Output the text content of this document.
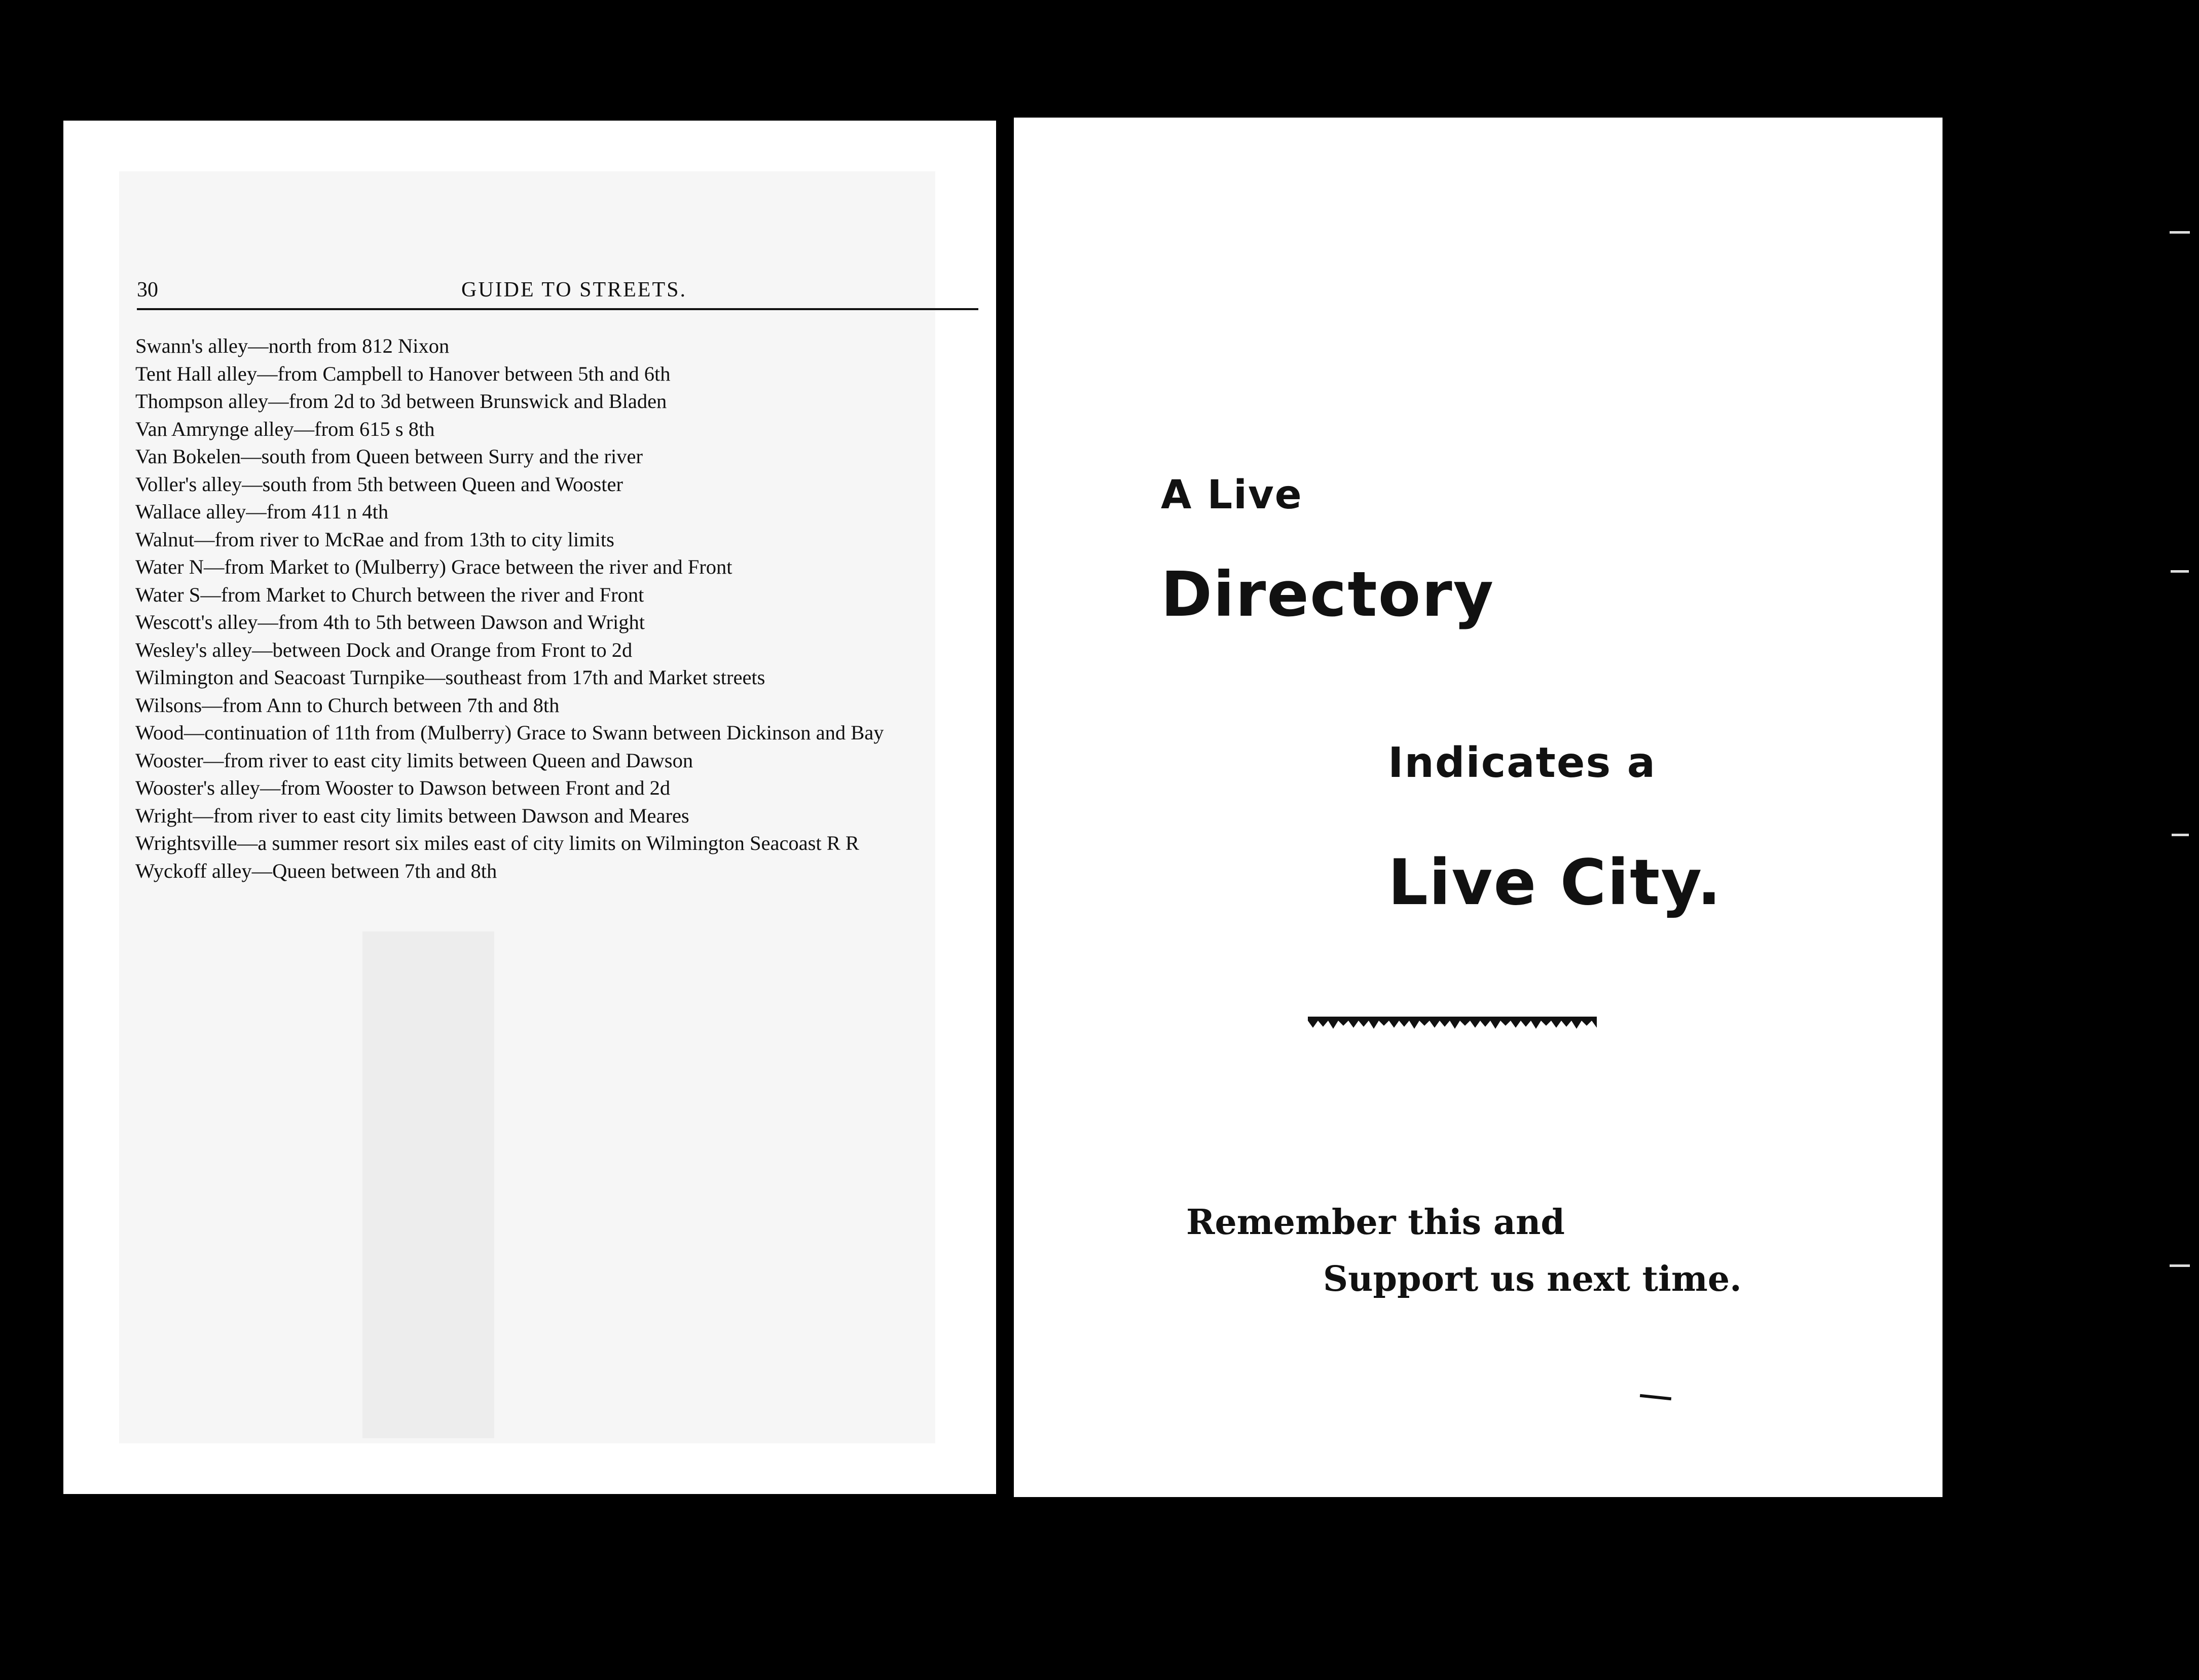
30	GUIDE TO STREETS.
Swann's alley—north from 812 Nixon
Tent Hall alley—from Campbell to Hanover between 5th and 6th
Thompson alley—from 2d to 3d between Brunswick and Bladen
Van Amrynge alley—from 615 s 8th
Van Bokelen—south from Queen between Surry and the river
Voller's alley—south from 5th between Queen and Wooster
Wallace alley—from 411 n 4th
Walnut—from river to McRae and from 13th to city limits
Water N—from Market to (Mulberry) Grace between the river and Front
Water S—from Market to Church between the river and Front
Wescott's alley—from 4th to 5th between Dawson and Wright
Wesley's alley—between Dock and Orange from Front to 2d
Wilmington and Seacoast Turnpike—southeast from 17th and Market streets
Wilsons—from Ann to Church between 7th and 8th
Wood—continuation of 11th from (Mulberry) Grace to Swann between Dickinson and Bay
Wooster—from river to east city limits between Queen and Dawson
Wooster's alley—from Wooster to Dawson between Front and 2d
Wright—from river to east city limits between Dawson and Meares
Wrightsville—a summer resort six miles east of city limits on Wilmington Seacoast R R
Wyckoff alley—Queen between 7th and 8th
A Live
Directory
Indicates a
Live City.
Remember this and
Support us next time.
